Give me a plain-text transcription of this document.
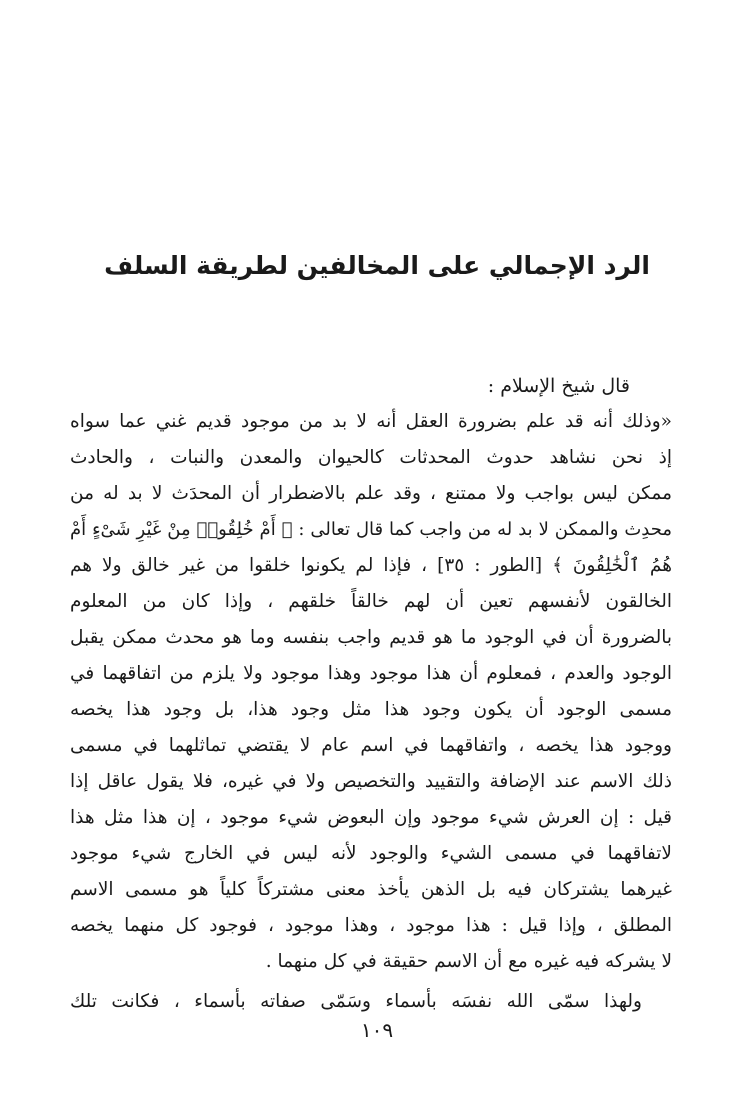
الرد الإجمالي على المخالفين لطريقة السلف
قال شيخ الإسلام :
«وذلك أنه قد علم بضرورة العقل أنه لا بد من موجود قديم غني عما سواه
إذ نحن نشاهد حدوث المحدثات كالحيوان والمعدن والنبات ، والحادث
ممكن ليس بواجب ولا ممتنع ، وقد علم بالاضطرار أن المحدَث لا بد له من
محدِث والممكن لا بد له من واجب كما قال تعالى : ﴿ أَمْ خُلِقُوا۟ مِنْ غَيْرِ شَىْءٍ أَمْ
هُمُ ٱلْخَٰلِقُونَ ﴾ [الطور : ٣٥] ، فإذا لم يكونوا خلقوا من غير خالق ولا هم
الخالقون لأنفسهم تعين أن لهم خالقاً خلقهم ، وإذا كان من المعلوم
بالضرورة أن في الوجود ما هو قديم واجب بنفسه وما هو محدث ممكن يقبل
الوجود والعدم ، فمعلوم أن هذا موجود وهذا موجود ولا يلزم من اتفاقهما في
مسمى الوجود أن يكون وجود هذا مثل وجود هذا، بل وجود هذا يخصه
ووجود هذا يخصه ، واتفاقهما في اسم عام لا يقتضي تماثلهما في مسمى
ذلك الاسم عند الإضافة والتقييد والتخصيص ولا في غيره، فلا يقول عاقل إذا
قيل : إن العرش شيء موجود وإن البعوض شيء موجود ، إن هذا مثل هذا
لاتفاقهما في مسمى الشيء والوجود لأنه ليس في الخارج شيء موجود
غيرهما يشتركان فيه بل الذهن يأخذ معنى مشتركاً كلياً هو مسمى الاسم
المطلق ، وإذا قيل : هذا موجود ، وهذا موجود ، فوجود كل منهما يخصه
لا يشركه فيه غيره مع أن الاسم حقيقة في كل منهما .
ولهذا سمّى الله نفسَه بأسماء وسَمّى صفاته بأسماء ، فكانت تلك
١٠٩
